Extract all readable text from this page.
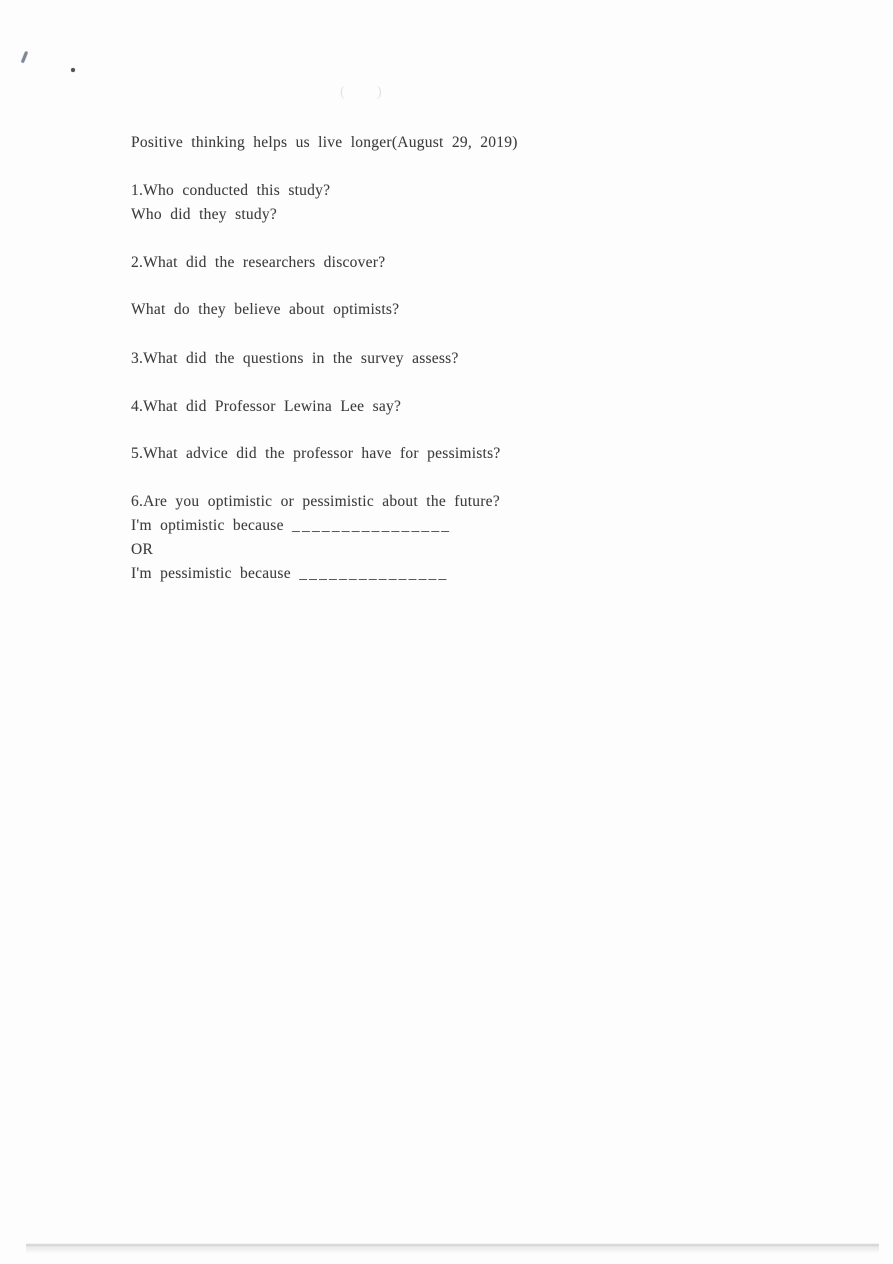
( )
Positive thinking helps us live longer(August 29, 2019)
1.Who conducted this study?
Who did they study?
2.What did the researchers discover?
What do they believe about optimists?
3.What did the questions in the survey assess?
4.What did Professor Lewina Lee say?
5.What advice did the professor have for pessimists?
6.Are you optimistic or pessimistic about the future?
I'm optimistic because ________________
OR
I'm pessimistic because _______________
